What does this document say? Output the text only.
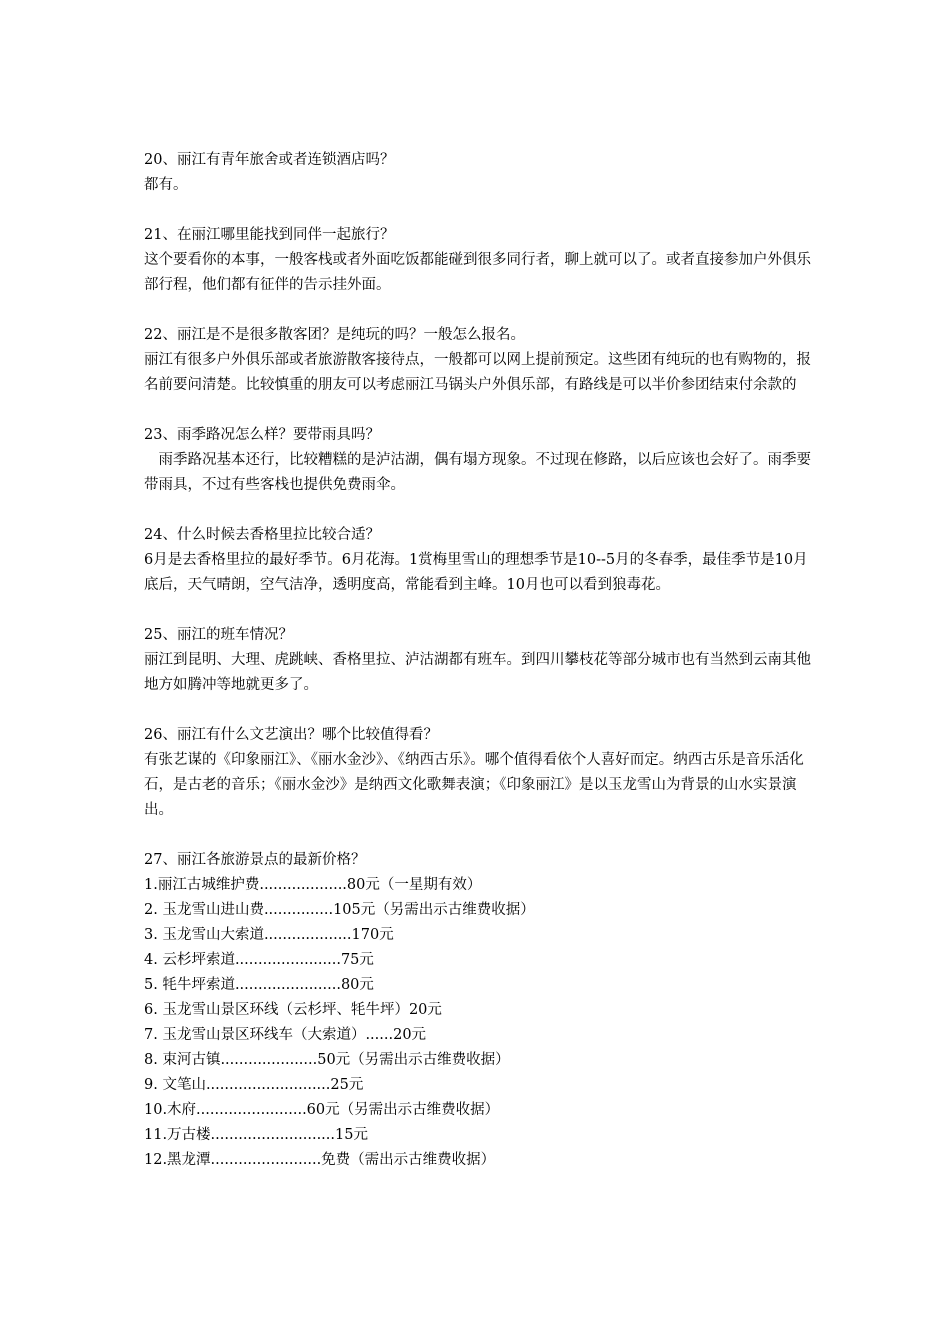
20、丽江有青年旅舍或者连锁酒店吗？

都有。

21、在丽江哪里能找到同伴一起旅行？

这个要看你的本事，一般客栈或者外面吃饭都能碰到很多同行者，聊上就可以了。或者直接参加户外俱乐部行程，他们都有征伴的告示挂外面。

22、丽江是不是很多散客团？是纯玩的吗？一般怎么报名。

丽江有很多户外俱乐部或者旅游散客接待点，一般都可以网上提前预定。这些团有纯玩的也有购物的，报名前要问清楚。比较慎重的朋友可以考虑丽江马锅头户外俱乐部，有路线是可以半价参团结束付余款的

23、雨季路况怎么样？要带雨具吗？

雨季路况基本还行，比较糟糕的是泸沽湖，偶有塌方现象。不过现在修路，以后应该也会好了。雨季要带雨具，不过有些客栈也提供免费雨伞。

24、什么时候去香格里拉比较合适？

6月是去香格里拉的最好季节。6月花海。1赏梅里雪山的理想季节是10--5月的冬春季，最佳季节是10月底后，天气晴朗，空气洁净，透明度高，常能看到主峰。10月也可以看到狼毒花。

25、丽江的班车情况？

丽江到昆明、大理、虎跳峡、香格里拉、泸沽湖都有班车。到四川攀枝花等部分城市也有当然到云南其他地方如腾冲等地就更多了。

26、丽江有什么文艺演出？哪个比较值得看？

有张艺谋的《印象丽江》、《丽水金沙》、《纳西古乐》。哪个值得看依个人喜好而定。纳西古乐是音乐活化石，是古老的音乐；《丽水金沙》是纳西文化歌舞表演；《印象丽江》是以玉龙雪山为背景的山水实景演出。

27、丽江各旅游景点的最新价格？

1.丽江古城维护费...................80元（一星期有效）
2. 玉龙雪山进山费...............105元（另需出示古维费收据）
3. 玉龙雪山大索道...................170元
4. 云杉坪索道.......................75元
5. 牦牛坪索道.......................80元
6. 玉龙雪山景区环线（云杉坪、牦牛坪）20元
7. 玉龙雪山景区环线车（大索道）......20元
8. 束河古镇.....................50元（另需出示古维费收据）
9. 文笔山...........................25元
10.木府........................60元（另需出示古维费收据）
11.万古楼...........................15元
12.黑龙潭........................免费（需出示古维费收据）
